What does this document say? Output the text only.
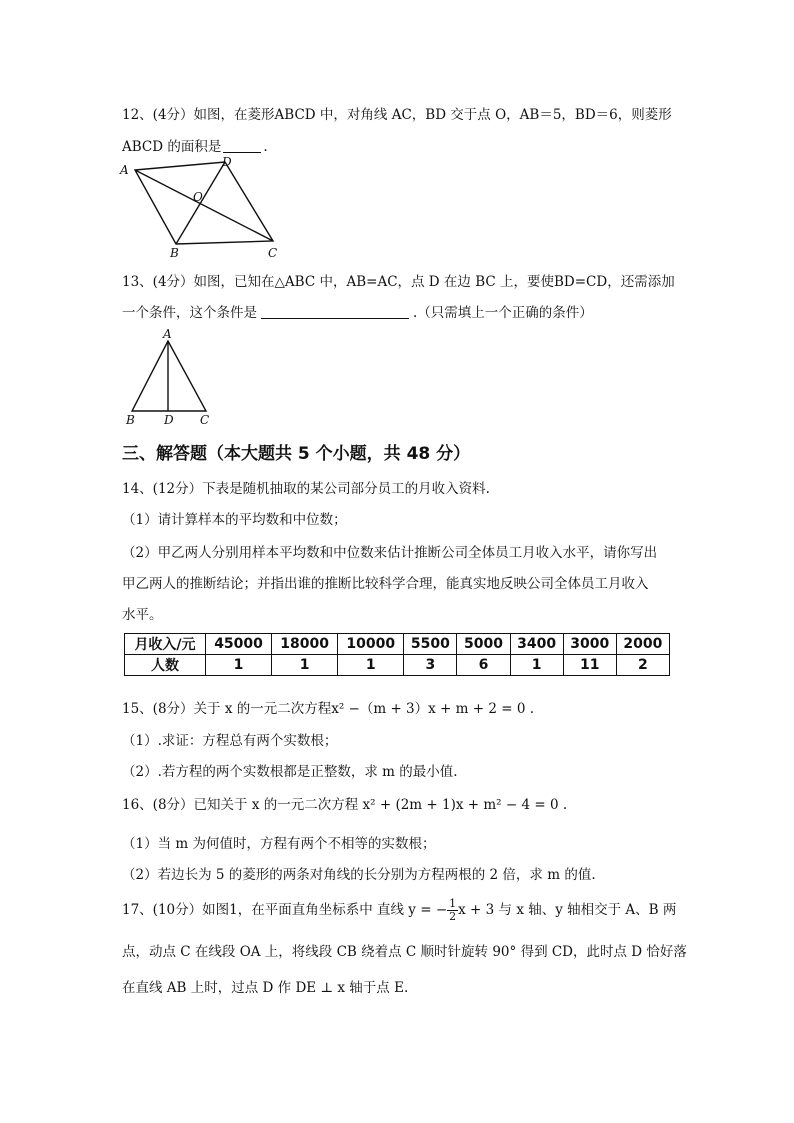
12、(4分）如图，在菱形ABCD 中，对角线 AC，BD 交于点 O，AB＝5，BD＝6，则菱形
ABCD 的面积是	.
A
D
O
B	C
13、(4分）如图，已知在△ABC 中，AB=AC，点 D 在边 BC 上，要使BD=CD，还需添加
一个条件，这个条件是	.（只需填上一个正确的条件）
A
B D C
三、解答题（本大题共 5 个小题，共 48 分）
14、(12分）下表是随机抽取的某公司部分员工的月收入资料.
（1）请计算样本的平均数和中位数；
（2）甲乙两人分别用样本平均数和中位数来估计推断公司全体员工月收入水平，请你写出
甲乙两人的推断结论；并指出谁的推断比较科学合理，能真实地反映公司全体员工月收入
水平。
月收入/元	45000	18000	10000	5500	5000	3400	3000	2000
人数	1	1	1	3	6	1	11	2
15、(8分）关于 x 的一元二次方程x² −（m + 3）x + m + 2 = 0 .
（1）.求证：方程总有两个实数根；
（2）.若方程的两个实数根都是正整数，求 m 的最小值.
16、(8分）已知关于 x 的一元二次方程 x² + (2m + 1)x + m² − 4 = 0 .
（1）当 m 为何值时，方程有两个不相等的实数根；
（2）若边长为 5 的菱形的两条对角线的长分别为方程两根的 2 倍，求 m 的值.
17、(10分）如图1，在平面直角坐标系中 直线 y = − $\frac{1}{2}$ x + 3 与 x 轴、y 轴相交于 A、B 两
点，动点 C 在线段 OA 上，将线段 CB 绕着点 C 顺时针旋转 90° 得到 CD，此时点 D 恰好落
在直线 AB 上时，过点 D 作 DE ⊥ x 轴于点 E.
